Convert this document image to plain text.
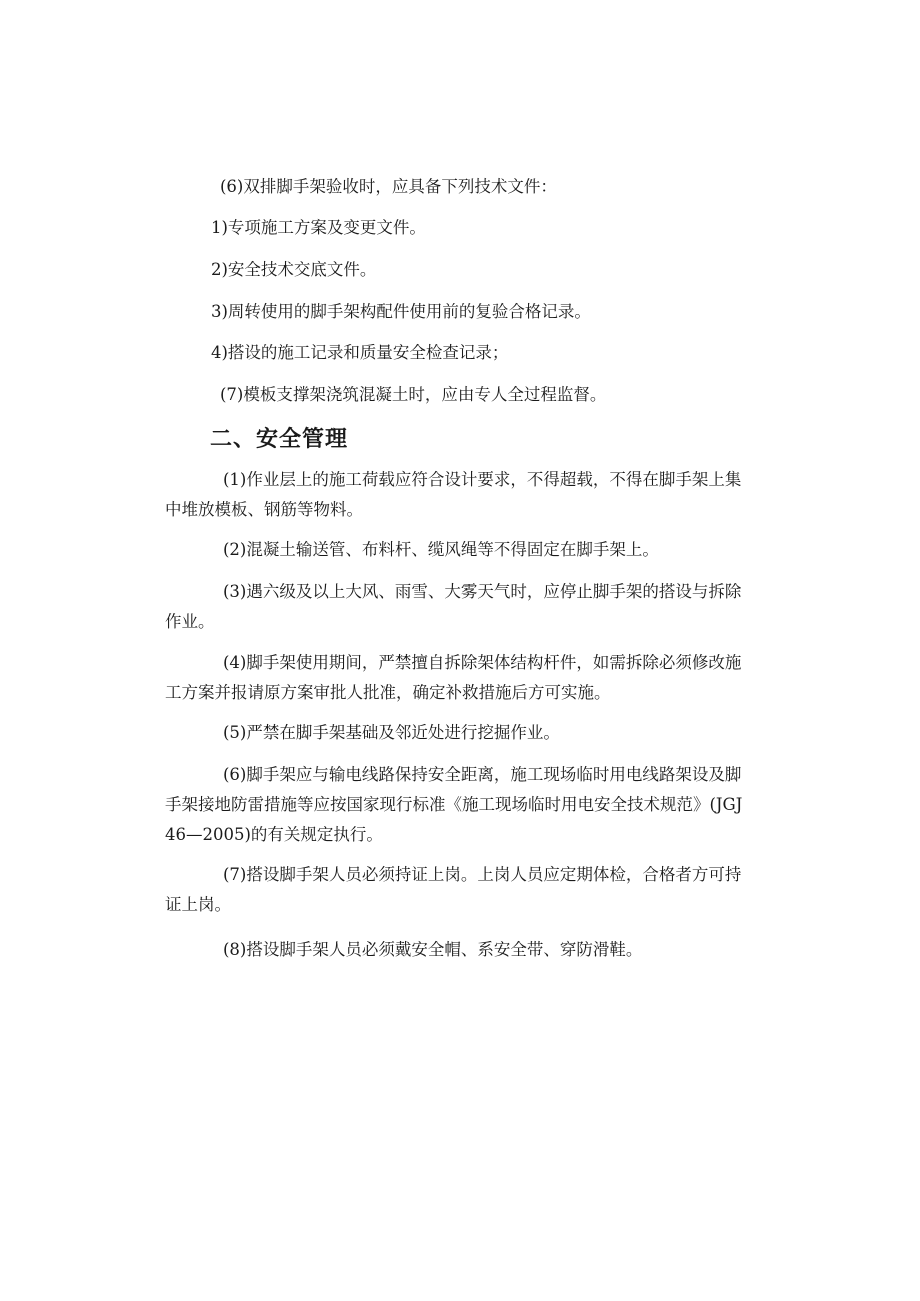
(6)双排脚手架验收时，应具备下列技术文件：

1)专项施工方案及变更文件。

2)安全技术交底文件。

3)周转使用的脚手架构配件使用前的复验合格记录。

4)搭设的施工记录和质量安全检查记录；

(7)模板支撑架浇筑混凝土时，应由专人全过程监督。

二、安全管理

(1)作业层上的施工荷载应符合设计要求，不得超载，不得在脚手架上集中堆放模板、钢筋等物料。

(2)混凝土输送管、布料杆、缆风绳等不得固定在脚手架上。

(3)遇六级及以上大风、雨雪、大雾天气时，应停止脚手架的搭设与拆除作业。

(4)脚手架使用期间，严禁擅自拆除架体结构杆件，如需拆除必须修改施工方案并报请原方案审批人批准，确定补救措施后方可实施。

(5)严禁在脚手架基础及邻近处进行挖掘作业。

(6)脚手架应与输电线路保持安全距离，施工现场临时用电线路架设及脚手架接地防雷措施等应按国家现行标准《施工现场临时用电安全技术规范》(JGJ46—2005)的有关规定执行。

(7)搭设脚手架人员必须持证上岗。上岗人员应定期体检，合格者方可持证上岗。

(8)搭设脚手架人员必须戴安全帽、系安全带、穿防滑鞋。
